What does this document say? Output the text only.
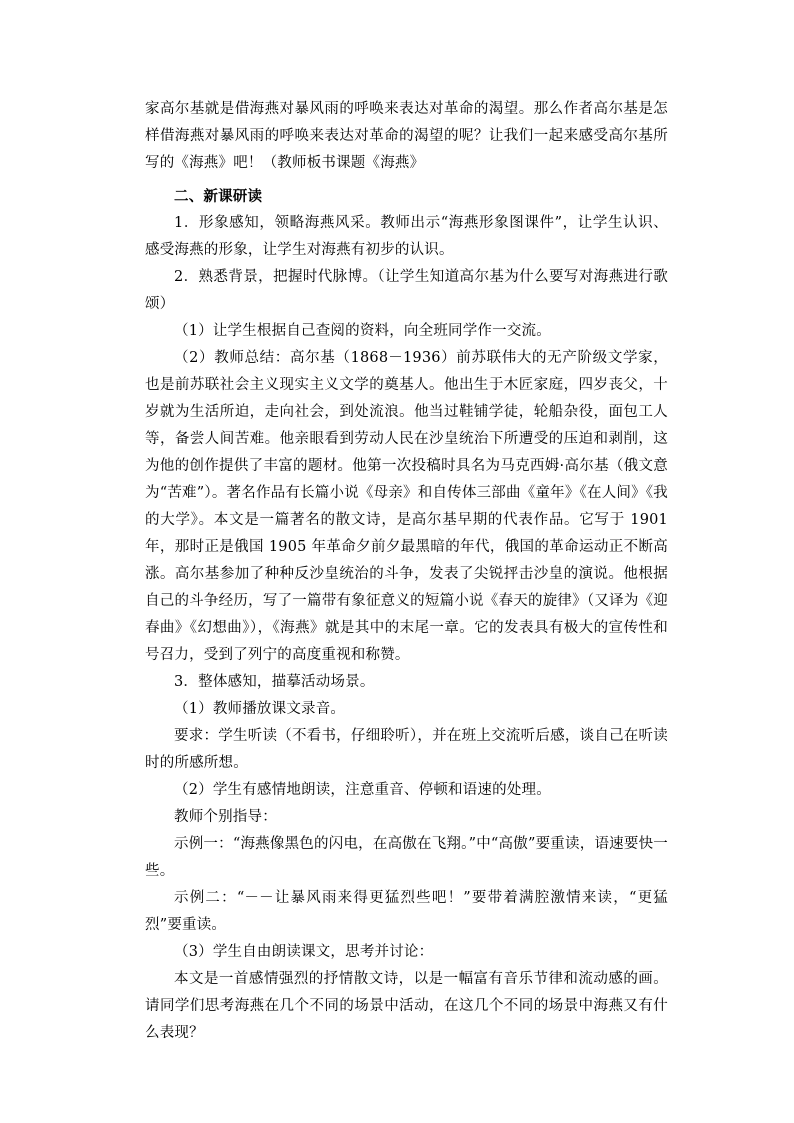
家高尔基就是借海燕对暴风雨的呼唤来表达对革命的渴望。那么作者高尔基是怎样借海燕对暴风雨的呼唤来表达对革命的渴望的呢？让我们一起来感受高尔基所写的《海燕》吧！（教师板书课题《海燕》

二、新课研读

1．形象感知，领略海燕风采。教师出示“海燕形象图课件”，让学生认识、感受海燕的形象，让学生对海燕有初步的认识。

2．熟悉背景，把握时代脉博。（让学生知道高尔基为什么要写对海燕进行歌颂）

（1）让学生根据自己查阅的资料，向全班同学作一交流。

（2）教师总结：高尔基（1868－1936）前苏联伟大的无产阶级文学家，也是前苏联社会主义现实主义文学的奠基人。他出生于木匠家庭，四岁丧父，十岁就为生活所迫，走向社会，到处流浪。他当过鞋铺学徒，轮船杂役，面包工人等，备尝人间苦难。他亲眼看到劳动人民在沙皇统治下所遭受的压迫和剥削，这为他的创作提供了丰富的题材。他第一次投稿时具名为马克西姆·高尔基（俄文意为“苦难”）。著名作品有长篇小说《母亲》和自传体三部曲《童年》《在人间》《我的大学》。本文是一篇著名的散文诗，是高尔基早期的代表作品。它写于 1901 年，那时正是俄国 1905 年革命夕前夕最黑暗的年代，俄国的革命运动正不断高涨。高尔基参加了种种反沙皇统治的斗争，发表了尖锐抨击沙皇的演说。他根据自己的斗争经历，写了一篇带有象征意义的短篇小说《春天的旋律》（又译为《迎春曲》《幻想曲》），《海燕》就是其中的末尾一章。它的发表具有极大的宣传性和号召力，受到了列宁的高度重视和称赞。

3．整体感知，描摹活动场景。

（1）教师播放课文录音。

要求：学生听读（不看书，仔细聆听），并在班上交流听后感，谈自己在听读时的所感所想。

（2）学生有感情地朗读，注意重音、停顿和语速的处理。

教师个别指导：

示例一：“海燕像黑色的闪电，在高傲在飞翔。”中“高傲”要重读，语速要快一些。

示例二：“－－让暴风雨来得更猛烈些吧！”要带着满腔激情来读，“更猛烈”要重读。

（3）学生自由朗读课文，思考并讨论：

本文是一首感情强烈的抒情散文诗，以是一幅富有音乐节律和流动感的画。请同学们思考海燕在几个不同的场景中活动，在这几个不同的场景中海燕又有什么表现？
